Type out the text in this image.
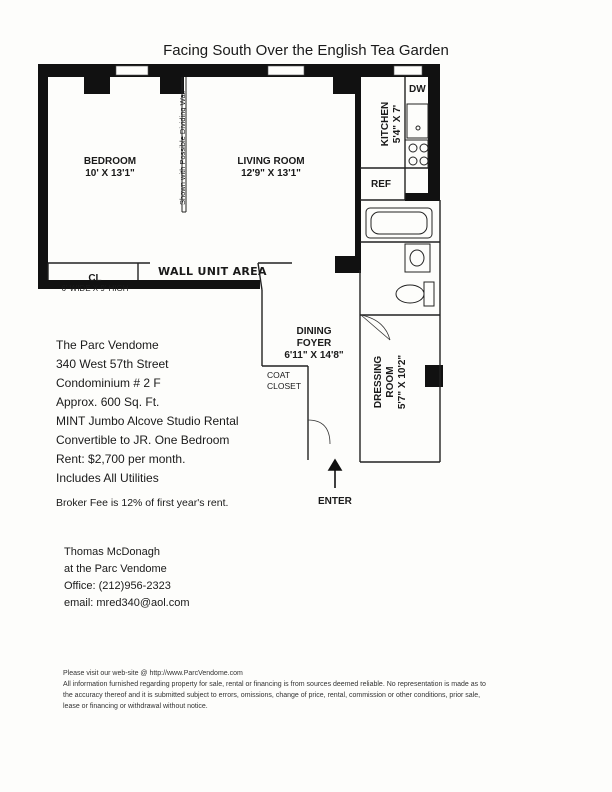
Facing South Over the English Tea Garden
BEDROOM
10' X 13'1"
LIVING ROOM
12'9" X 13'1"
Shown with Possible Dividing Wall	KITCHEN 5'4" X 7'
DW
REF
CL
6' WIDE X 9' HIGH
WALL UNIT AREA
DINING
FOYER
6'11" X 14'8"
COAT
CLOSET	DRESSING ROOM 5'7" X 10'2"
ENTER
The Parc Vendome
340 West 57th Street
Condominium # 2 F
Approx. 600 Sq. Ft.
MINT Jumbo Alcove Studio Rental
Convertible to JR. One Bedroom
Rent: $2,700 per month.
Includes All Utilities
Broker Fee is 12% of first year's rent.
Thomas McDonagh
at the Parc Vendome
Office: (212)956-2323
email: mred340@aol.com
Please visit our web-site @ http://www.ParcVendome.com
All information furnished regarding property for sale, rental or financing is from sources deemed reliable. No representation is made as to
the accuracy thereof and it is submitted subject to errors, omissions, change of price, rental, commission or other conditions, prior sale,
lease or financing or withdrawal without notice.
